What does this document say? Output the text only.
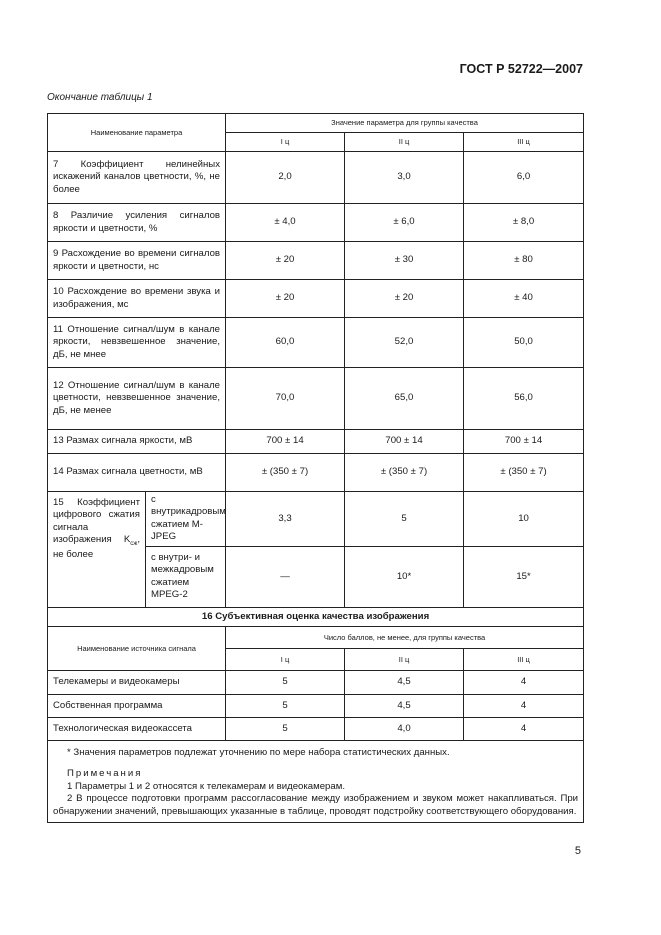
ГОСТ Р 52722—2007
Окончание таблицы 1
Наименование параметра		Значение параметра для группы качества		
		I ц	II ц	III ц
7 Коэффициент нелинейных искажений каналов цветности, %, не более		2,0	3,0	6,0
8 Различие усиления сигналов яркости и цветности, %		± 4,0	± 6,0	± 8,0
9 Расхождение во времени сигналов яркости и цветности, нс		± 20	± 30	± 80
10 Расхождение во времени звука и изображения, мс		± 20	± 20	± 40
11 Отношение сигнал/шум в канале яркости, невзвешенное значение, дБ, не мнее		60,0	52,0	50,0
12 Отношение сигнал/шум в канале цветности, невзвешенное значение, дБ, не менее		70,0	65,0	56,0
13 Размах сигнала яркости, мВ		700 ± 14	700 ± 14	700 ± 14
14 Размах сигнала цветности, мВ		± (350 ± 7)	± (350 ± 7)	± (350 ± 7)
15 Коэффициент цифрового сжатия сигнала изображения $K_{сж}$, не более	с внутрикадровым сжатием M-JPEG	3,3	5	10
	с внутри- и межкадровым сжатием MPEG-2	—	10*	15*
16 Субъективная оценка качества изображения				
Наименование источника сигнала		Число баллов, не менее, для группы качества		
		I ц	II ц	III ц
Телекамеры и видеокамеры		5	4,5	4
Собственная программа		5	4,5	4
Технологическая видеокассета		5	4,0	4

* Значения параметров подлежат уточнению по мере набора статистических данных.
Примечания
1 Параметры 1 и 2 относятся к телекамерам и видеокамерам.
2 В процессе подготовки программ рассогласование между изображением и звуком может накапливаться. При обнаружении значений, превышающих указанные в таблице, проводят подстройку соответствующего оборудования.				
5
